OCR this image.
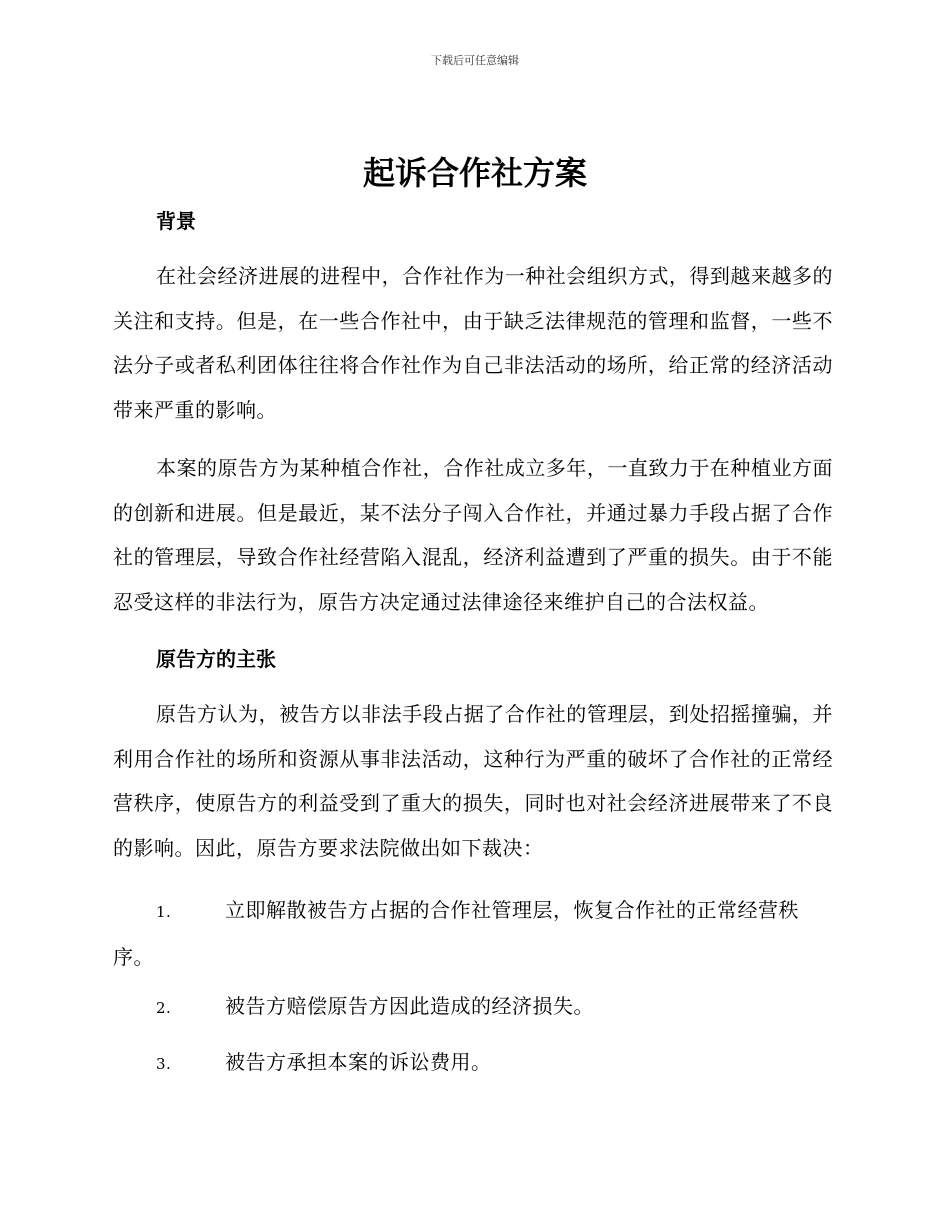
下载后可任意编辑
起诉合作社方案
背景

在社会经济进展的进程中，合作社作为一种社会组织方式，得到越来越多的关注和支持。但是，在一些合作社中，由于缺乏法律规范的管理和监督，一些不法分子或者私利团体往往将合作社作为自己非法活动的场所，给正常的经济活动带来严重的影响。

本案的原告方为某种植合作社，合作社成立多年，一直致力于在种植业方面的创新和进展。但是最近，某不法分子闯入合作社，并通过暴力手段占据了合作社的管理层，导致合作社经营陷入混乱，经济利益遭到了严重的损失。由于不能忍受这样的非法行为，原告方决定通过法律途径来维护自己的合法权益。

原告方的主张

原告方认为，被告方以非法手段占据了合作社的管理层，到处招摇撞骗，并利用合作社的场所和资源从事非法活动，这种行为严重的破坏了合作社的正常经营秩序，使原告方的利益受到了重大的损失，同时也对社会经济进展带来了不良的影响。因此，原告方要求法院做出如下裁决：

1.	立即解散被告方占据的合作社管理层，恢复合作社的正常经营秩序。

2.	被告方赔偿原告方因此造成的经济损失。

3.	被告方承担本案的诉讼费用。
